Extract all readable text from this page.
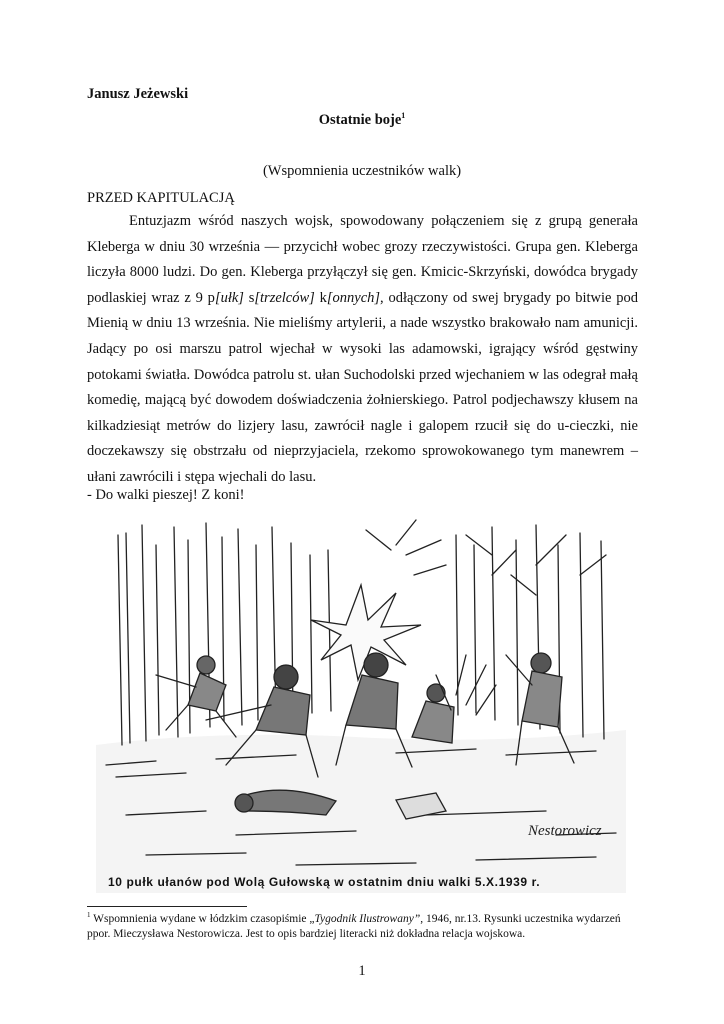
Janusz Jeżewski
Ostatnie boje$^1$
(Wspomnienia uczestników walk)
PRZED KAPITULACJĄ

Entuzjazm wśród naszych wojsk, spowodowany połączeniem się z grupą generała Kleberga w dniu 30 września — przycichł wobec grozy rzeczywistości. Grupa gen. Kleberga liczyła 8000 ludzi. Do gen. Kleberga przyłączył się gen. Kmicic-Skrzyński, dowódca brygady podlaskiej wraz z 9 p[ułk] s[trzelców] k[onnych], odłączony od swej brygady po bitwie pod Mienią w dniu 13 września. Nie mieliśmy artylerii, a nade wszystko brakowało nam amunicji. Jadący po osi marszu patrol wjechał w wysoki las adamowski, igrający wśród gęstwiny potokami światła. Dowódca patrolu st. ułan Suchodolski przed wjechaniem w las odegrał małą komedię, mającą być dowodem doświadczenia żołnierskiego. Patrol podjechawszy kłusem na kilkadziesiąt metrów do lizjery lasu, zawrócił nagle i galopem rzucił się do u-cieczki, nie doczekawszy się obstrzału od nieprzyjaciela, rzekomo sprowokowanego tym manewrem – ułani zawrócili i stępa wjechali do lasu.

- Do walki pieszej! Z koni!
Nestorowicz
10 pułk ułanów pod Wolą Gułowską w ostatnim dniu walki 5.X.1939 r.
$^1$ Wspomnienia wydane w łódzkim czasopiśmie „Tygodnik Ilustrowany”, 1946, nr.13. Rysunki uczestnika wydarzeń ppor. Mieczysława Nestorowicza. Jest to opis bardziej literacki niż dokładna relacja wojskowa.
1
